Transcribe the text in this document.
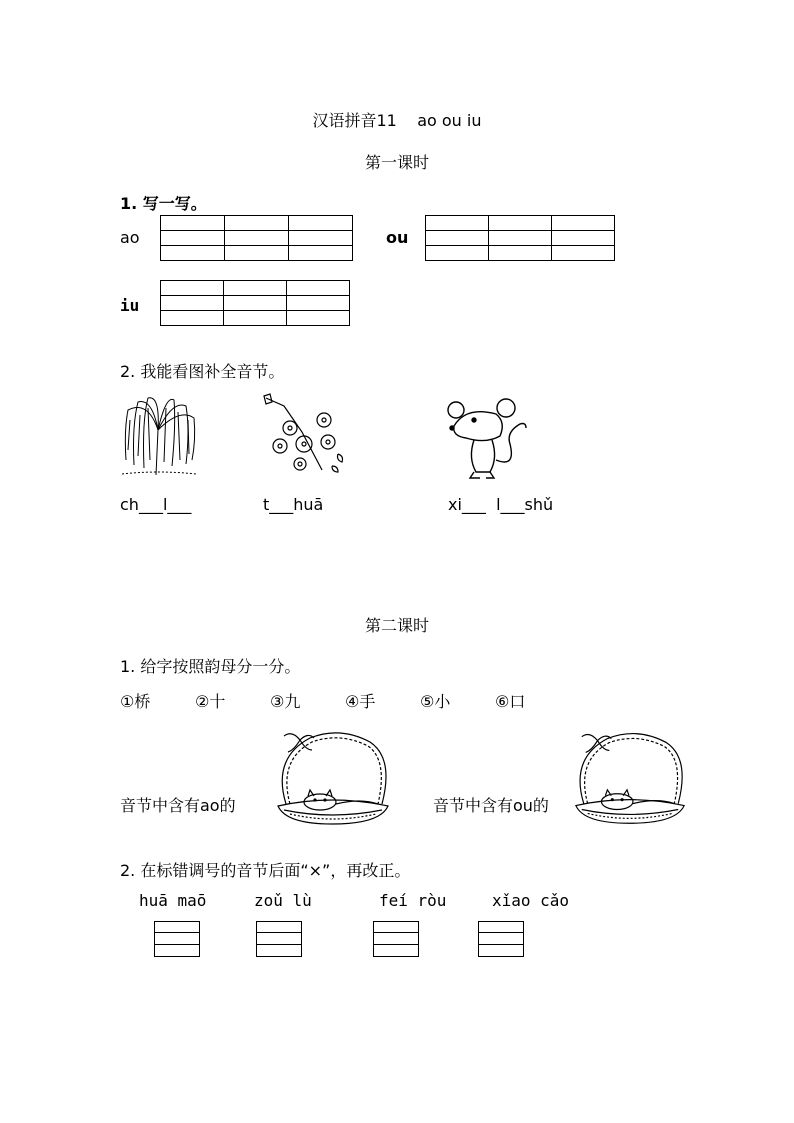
汉语拼音11    ao ou iu
第一课时
1. 写一写。
ao

			ou

iu

2. 我能看图补全音节。
ch___l___	t___huā	xi___  l___shǔ
第二课时
1. 给字按照韵母分一分。
①桥	②十	③九	④手	⑤小	⑥口
音节中含有ao的	音节中含有ou的
2. 在标错调号的音节后面“×”，再改正。
huā maō	zoǔ lù	feí ròu	xǐao cǎo
